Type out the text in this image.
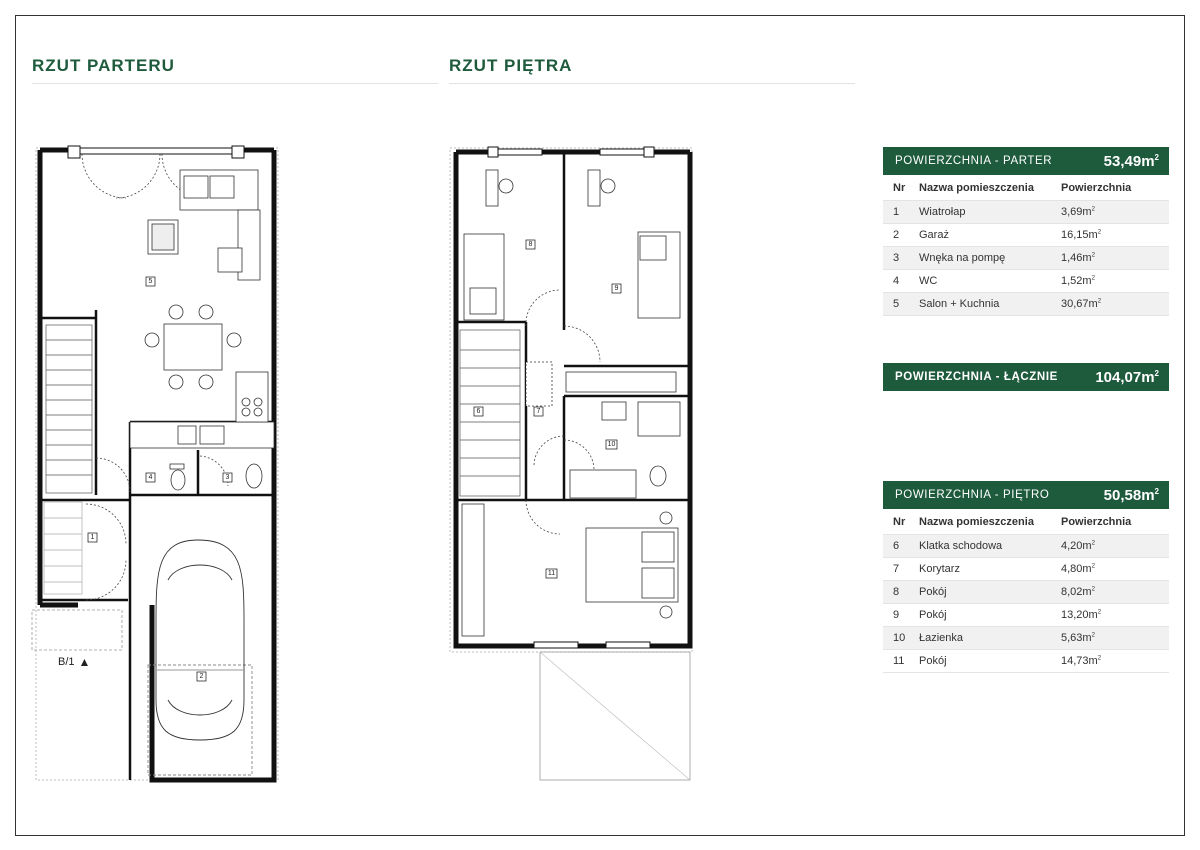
RZUT PARTERU	RZUT PIĘTRA
5
4	3
1
2
B/1 ▲
8
9
6	7
10
11
POWIERZCHNIA - PARTER	$53,49m^2$
Nr	Nazwa pomieszczenia	Powierzchnia
1	Wiatrołap	$3,69m^2$
2	Garaż	$16,15m^2$
3	Wnęka na pompę	$1,46m^2$
4	WC	$1,52m^2$
5	Salon + Kuchnia	$30,67m^2$
POWIERZCHNIA - ŁĄCZNIE $104,07m^2$
POWIERZCHNIA - PIĘTRO	$50,58m^2$
Nr	Nazwa pomieszczenia	Powierzchnia
6	Klatka schodowa	$4,20m^2$
7	Korytarz	$4,80m^2$
8	Pokój	$8,02m^2$
9	Pokój	$13,20m^2$
10	Łazienka	$5,63m^2$
11	Pokój	$14,73m^2$
